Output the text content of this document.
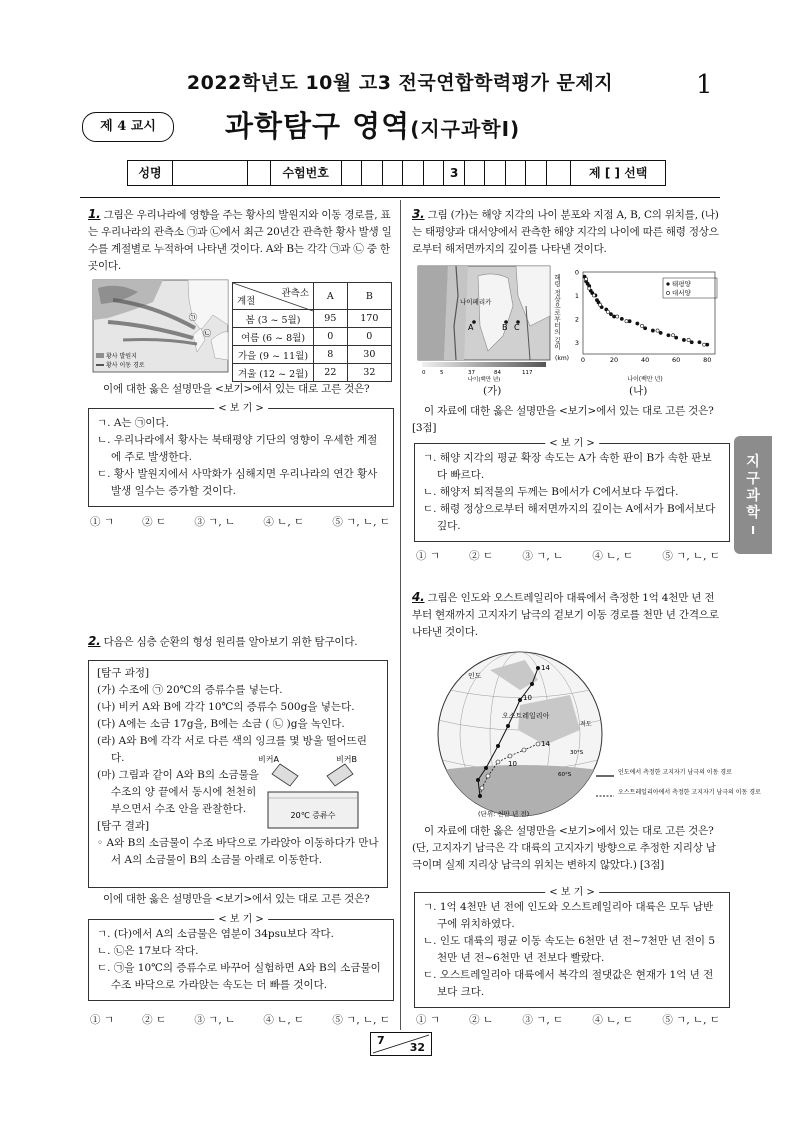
2022학년도 10월 고3 전국연합학력평가 문제지	1
제 4 교시	과학탐구 영역(지구과학Ⅰ)
성명	수험번호	3	제 [ ] 선택
지
구
과
학
Ⅰ
1. 그림은 우리나라에 영향을 주는 황사의 발원지와 이동 경로를, 표는 우리나라의 관측소 ㉠과 ㉡에서 최근 20년간 관측한 황사 발생 일수를 계절별로 누적하여 나타낸 것이다. A와 B는 각각 ㉠과 ㉡ 중 한 곳이다.
㉠
㉡
황사 발원지
황사 이동 경로
관측소
계절	A	B
봄 (3 ~ 5월)	95	170
여름 (6 ~ 8월)	0	0
가을 (9 ~ 11월)	8	30
겨울 (12 ~ 2월)	22	32
이에 대한 옳은 설명만을 <보기>에서 있는 대로 고른 것은?
< 보 기 >
ㄱ. A는 ㉠이다.
ㄴ. 우리나라에서 황사는 북태평양 기단의 영향이 우세한 계절에 주로 발생한다.
ㄷ. 황사 발원지에서 사막화가 심해지면 우리나라의 연간 황사 발생 일수는 증가할 것이다.
① ㄱ	② ㄷ	③ ㄱ, ㄴ	④ ㄴ, ㄷ	⑤ ㄱ, ㄴ, ㄷ
2. 다음은 심층 순환의 형성 원리를 알아보기 위한 탐구이다.
[탐구 과정]
(가) 수조에 ㉠ 20℃의 증류수를 넣는다.
(나) 비커 A와 B에 각각 10℃의 증류수 500g을 넣는다.
(다) A에는 소금 17g을, B에는 소금 ( ㉡ )g을 녹인다.
(라) A와 B에 각각 서로 다른 색의 잉크를 몇 방울 떨어뜨린다.
(마) 그림과 같이 A와 B의 소금물을 수조의 양 끝에서 동시에 천천히 부으면서 수조 안을 관찰한다.
[탐구 결과]
◦ A와 B의 소금물이 수조 바닥으로 가라앉아 이동하다가 만나서 A의 소금물이 B의 소금물 아래로 이동한다.
비커A	비커B
20℃ 증류수
이에 대한 옳은 설명만을 <보기>에서 있는 대로 고른 것은?
< 보 기 >
ㄱ. (다)에서 A의 소금물은 염분이 34psu보다 작다.
ㄴ. ㉡은 17보다 작다.
ㄷ. ㉠을 10℃의 증류수로 바꾸어 실험하면 A와 B의 소금물이 수조 바닥으로 가라앉는 속도는 더 빠를 것이다.
① ㄱ	② ㄷ	③ ㄱ, ㄴ	④ ㄴ, ㄷ	⑤ ㄱ, ㄴ, ㄷ
3. 그림 (가)는 해양 지각의 나이 분포와 지점 A, B, C의 위치를, (나)는 태평양과 대서양에서 관측한 해양 지각의 나이에 따른 해령 정상으로부터 해저면까지의 깊이를 나타낸 것이다.
나이페리카
A	B C
0	5	37	84	117
나이(백만 년)
해령 정상으로부터의 깊이
(km)
태평양
대서양
나이(백만 년)
0	20	40	60	80
0
1
2
3
(가)	(나)
이 자료에 대한 옳은 설명만을 <보기>에서 있는 대로 고른 것은? [3점]
< 보 기 >
ㄱ. 해양 지각의 평균 확장 속도는 A가 속한 판이 B가 속한 판보다 빠르다.
ㄴ. 해양저 퇴적물의 두께는 B에서가 C에서보다 두껍다.
ㄷ. 해령 정상으로부터 해저면까지의 깊이는 A에서가 B에서보다 깊다.
① ㄱ	② ㄷ	③ ㄱ, ㄴ	④ ㄴ, ㄷ	⑤ ㄱ, ㄴ, ㄷ
4. 그림은 인도와 오스트레일리아 대륙에서 측정한 1억 4천만 년 전부터 현재까지 고지자기 남극의 겉보기 이동 경로를 천만 년 간격으로 나타낸 것이다.
인도
오스트레일리아
적도
30°S
60°S
14
10
14
10
(단위: 천만 년 전)
인도에서 측정한 고지자기 남극의 이동 경로
오스트레일리아에서 측정한 고지자기 남극의 이동 경로
이 자료에 대한 옳은 설명만을 <보기>에서 있는 대로 고른 것은? (단, 고지자기 남극은 각 대륙의 고지자기 방향으로 추정한 지리상 남극이며 실제 지리상 남극의 위치는 변하지 않았다.) [3점]
< 보 기 >
ㄱ. 1억 4천만 년 전에 인도와 오스트레일리아 대륙은 모두 남반구에 위치하였다.
ㄴ. 인도 대륙의 평균 이동 속도는 6천만 년 전~7천만 년 전이 5천만 년 전~6천만 년 전보다 빨랐다.
ㄷ. 오스트레일리아 대륙에서 복각의 절댓값은 현재가 1억 년 전보다 크다.
① ㄱ	② ㄴ	③ ㄱ, ㄷ	④ ㄴ, ㄷ	⑤ ㄱ, ㄴ, ㄷ
7
32
